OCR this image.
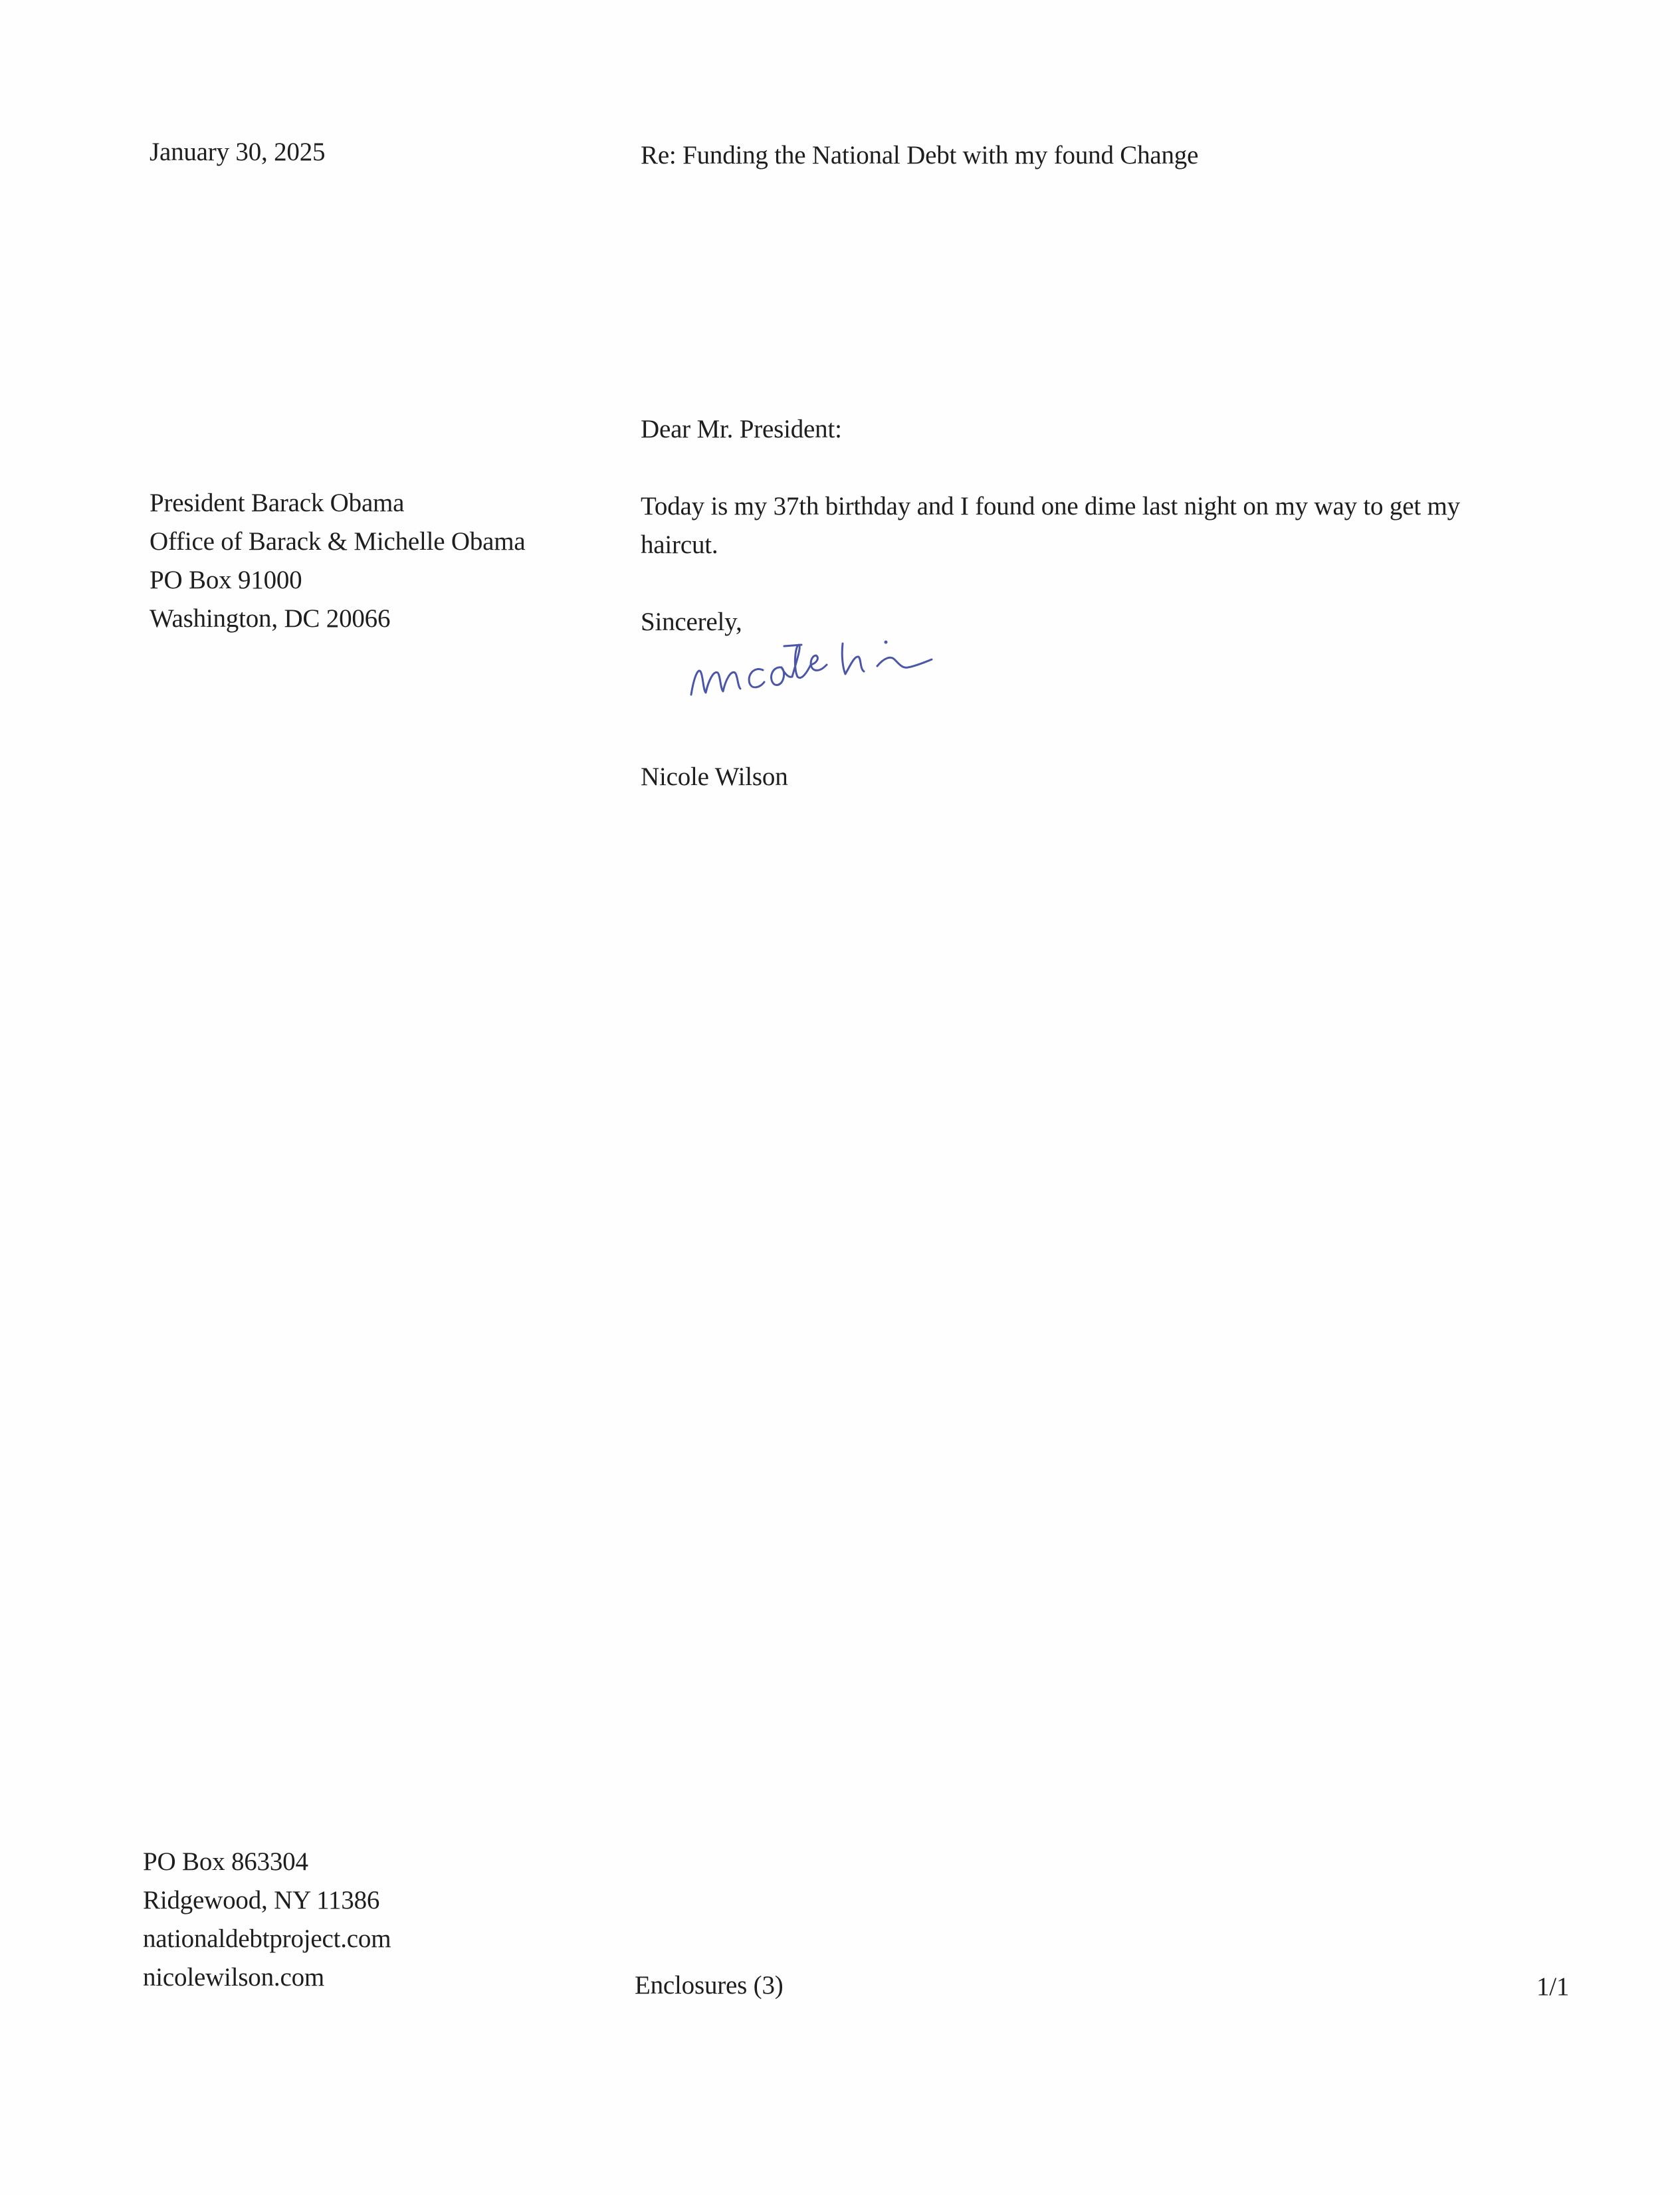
January 30, 2025	Re: Funding the National Debt with my found Change
Dear Mr. President:
President Barack Obama
Office of Barack & Michelle Obama
PO Box 91000
Washington, DC 20066
Today is my 37th birthday and I found one dime last night on my way to get my haircut.
Sincerely,
Nicole Wilson
PO Box 863304
Ridgewood, NY 11386
nationaldebtproject.com
nicolewilson.com	Enclosures (3)	1/1
